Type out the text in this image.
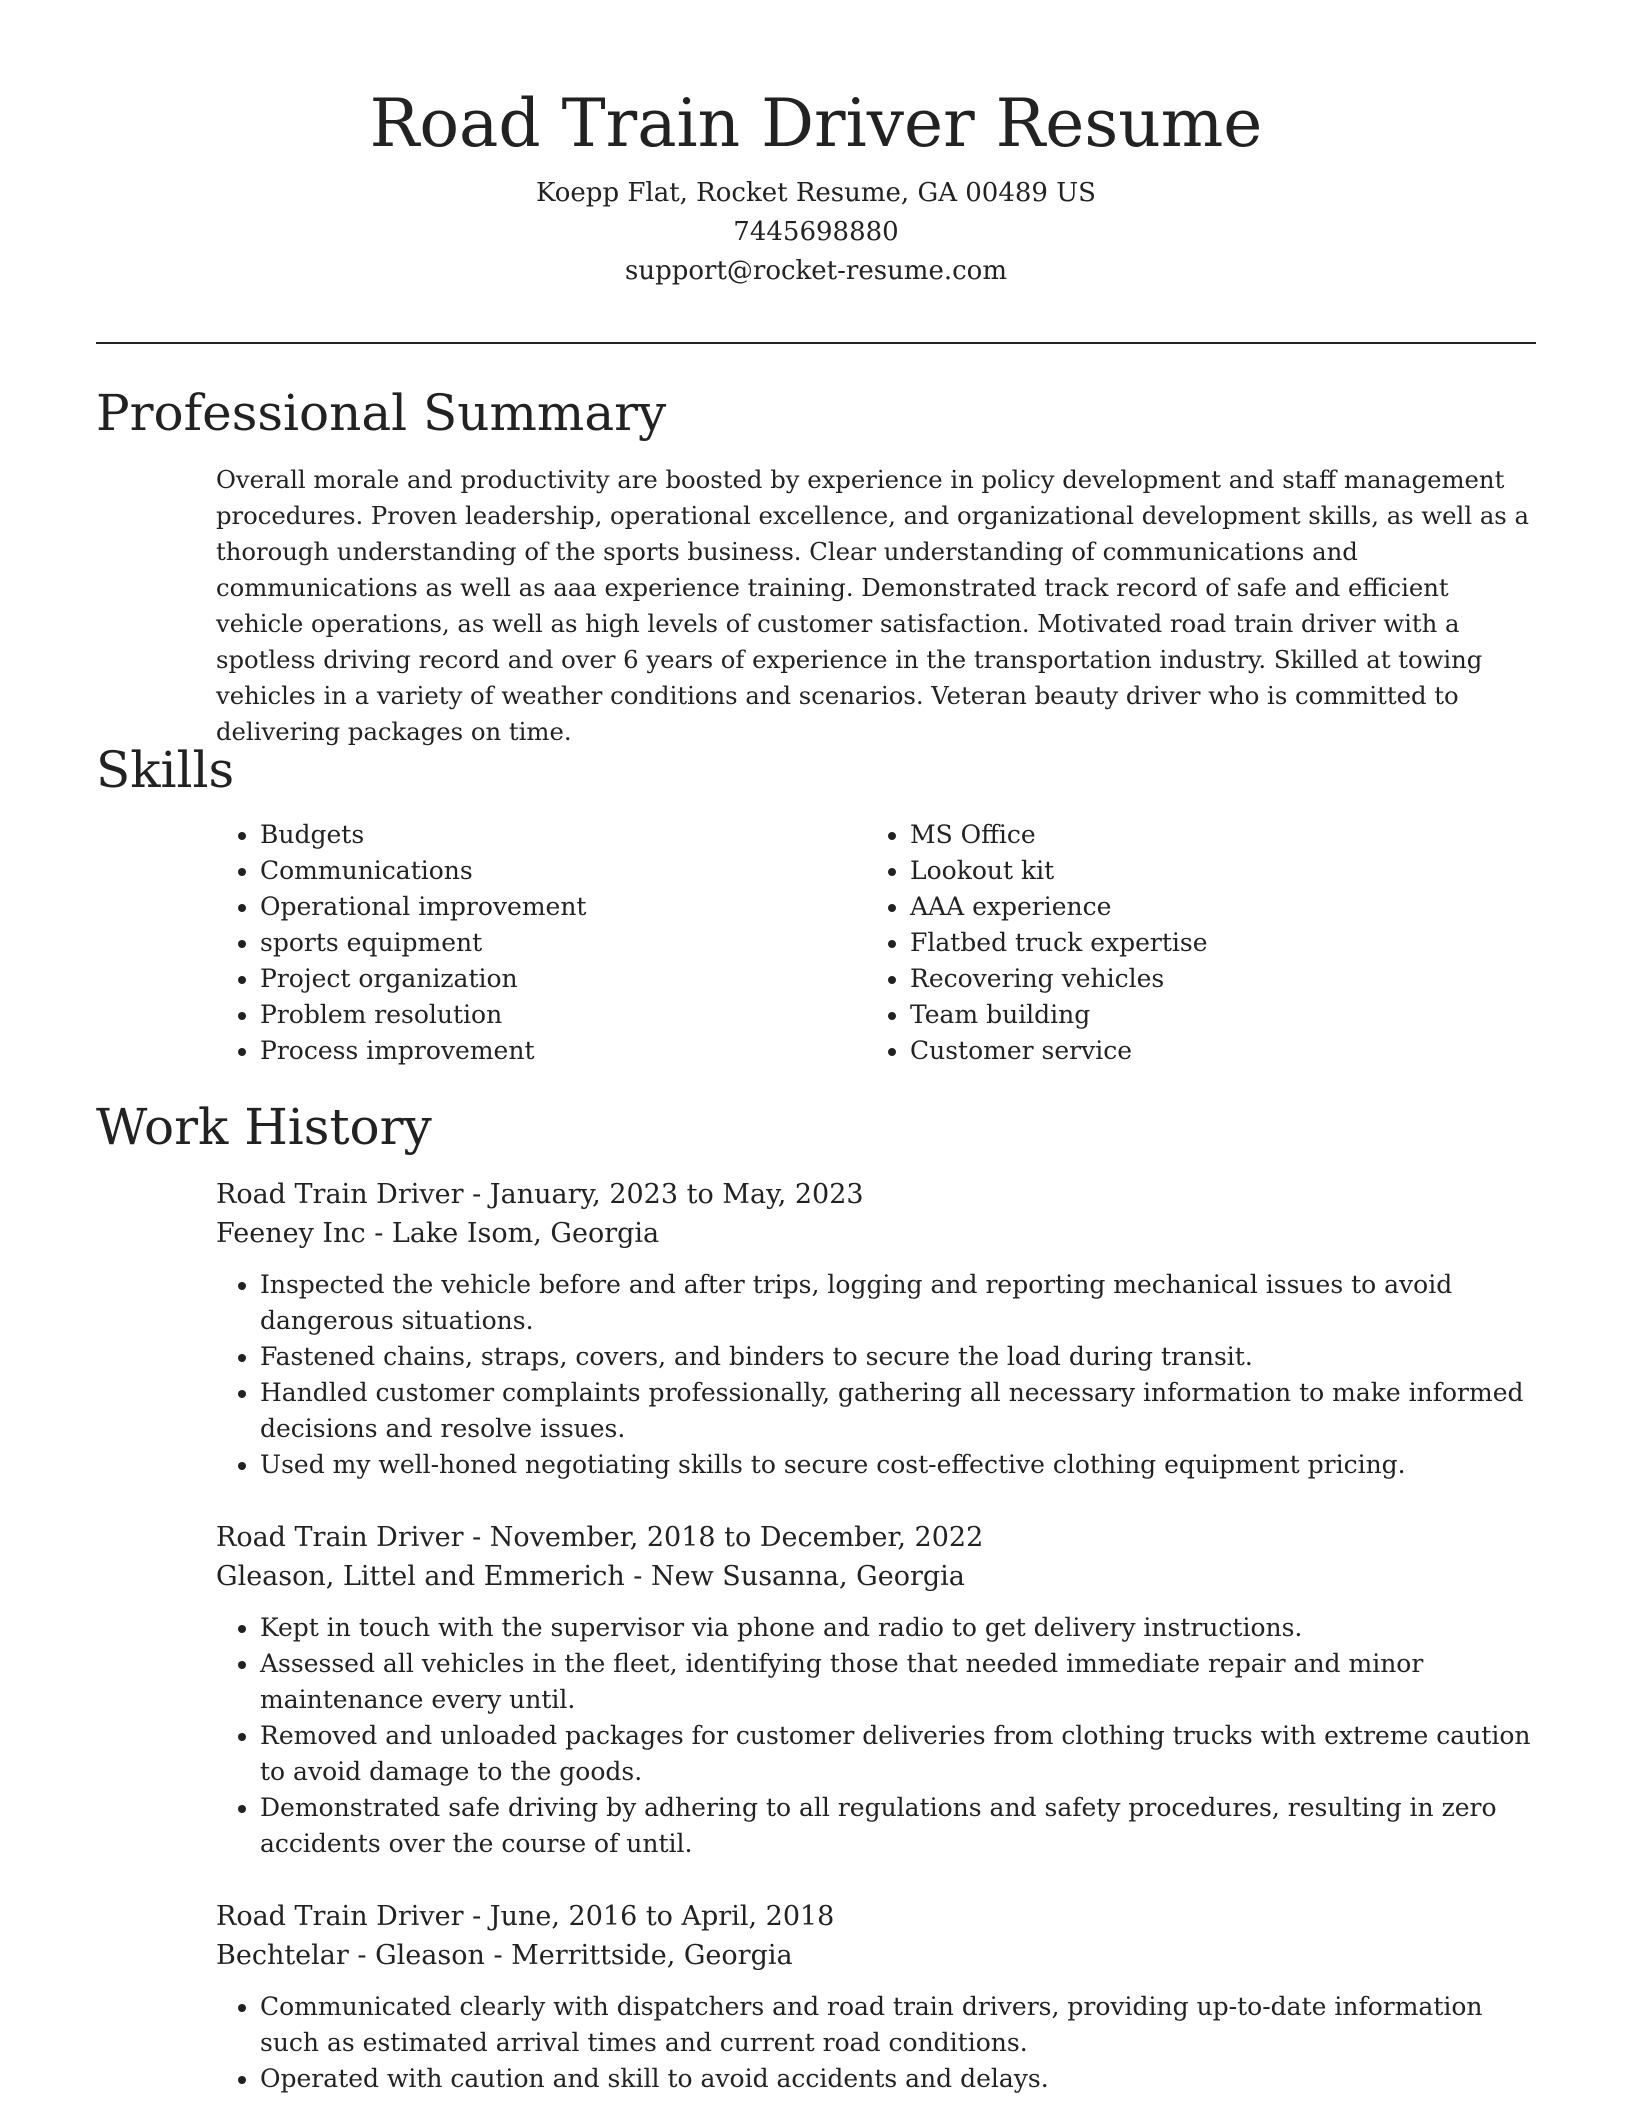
Road Train Driver Resume
Koepp Flat, Rocket Resume, GA 00489 US
7445698880
support@rocket-resume.com
Professional Summary

Overall morale and productivity are boosted by experience in policy development and staff management procedures. Proven leadership, operational excellence, and organizational development skills, as well as a thorough understanding of the sports business. Clear understanding of communications and communications as well as aaa experience training. Demonstrated track record of safe and efficient vehicle operations, as well as high levels of customer satisfaction. Motivated road train driver with a spotless driving record and over 6 years of experience in the transportation industry. Skilled at towing vehicles in a variety of weather conditions and scenarios. Veteran beauty driver who is committed to delivering packages on time.

Skills
• Budgets
• Communications
• Operational improvement
• sports equipment
• Project organization
• Problem resolution
• Process improvement
• MS Office
• Lookout kit
• AAA experience
• Flatbed truck expertise
• Recovering vehicles
• Team building
• Customer service
Work History
Road Train Driver - January, 2023 to May, 2023
Feeney Inc - Lake Isom, Georgia
• Inspected the vehicle before and after trips, logging and reporting mechanical issues to avoid dangerous situations.
• Fastened chains, straps, covers, and binders to secure the load during transit.
• Handled customer complaints professionally, gathering all necessary information to make informed decisions and resolve issues.
• Used my well-honed negotiating skills to secure cost-effective clothing equipment pricing.
Road Train Driver - November, 2018 to December, 2022
Gleason, Littel and Emmerich - New Susanna, Georgia
• Kept in touch with the supervisor via phone and radio to get delivery instructions.
• Assessed all vehicles in the fleet, identifying those that needed immediate repair and minor maintenance every until.
• Removed and unloaded packages for customer deliveries from clothing trucks with extreme caution to avoid damage to the goods.
• Demonstrated safe driving by adhering to all regulations and safety procedures, resulting in zero accidents over the course of until.
Road Train Driver - June, 2016 to April, 2018
Bechtelar - Gleason - Merrittside, Georgia
• Communicated clearly with dispatchers and road train drivers, providing up-to-date information such as estimated arrival times and current road conditions.
• Operated with caution and skill to avoid accidents and delays.
